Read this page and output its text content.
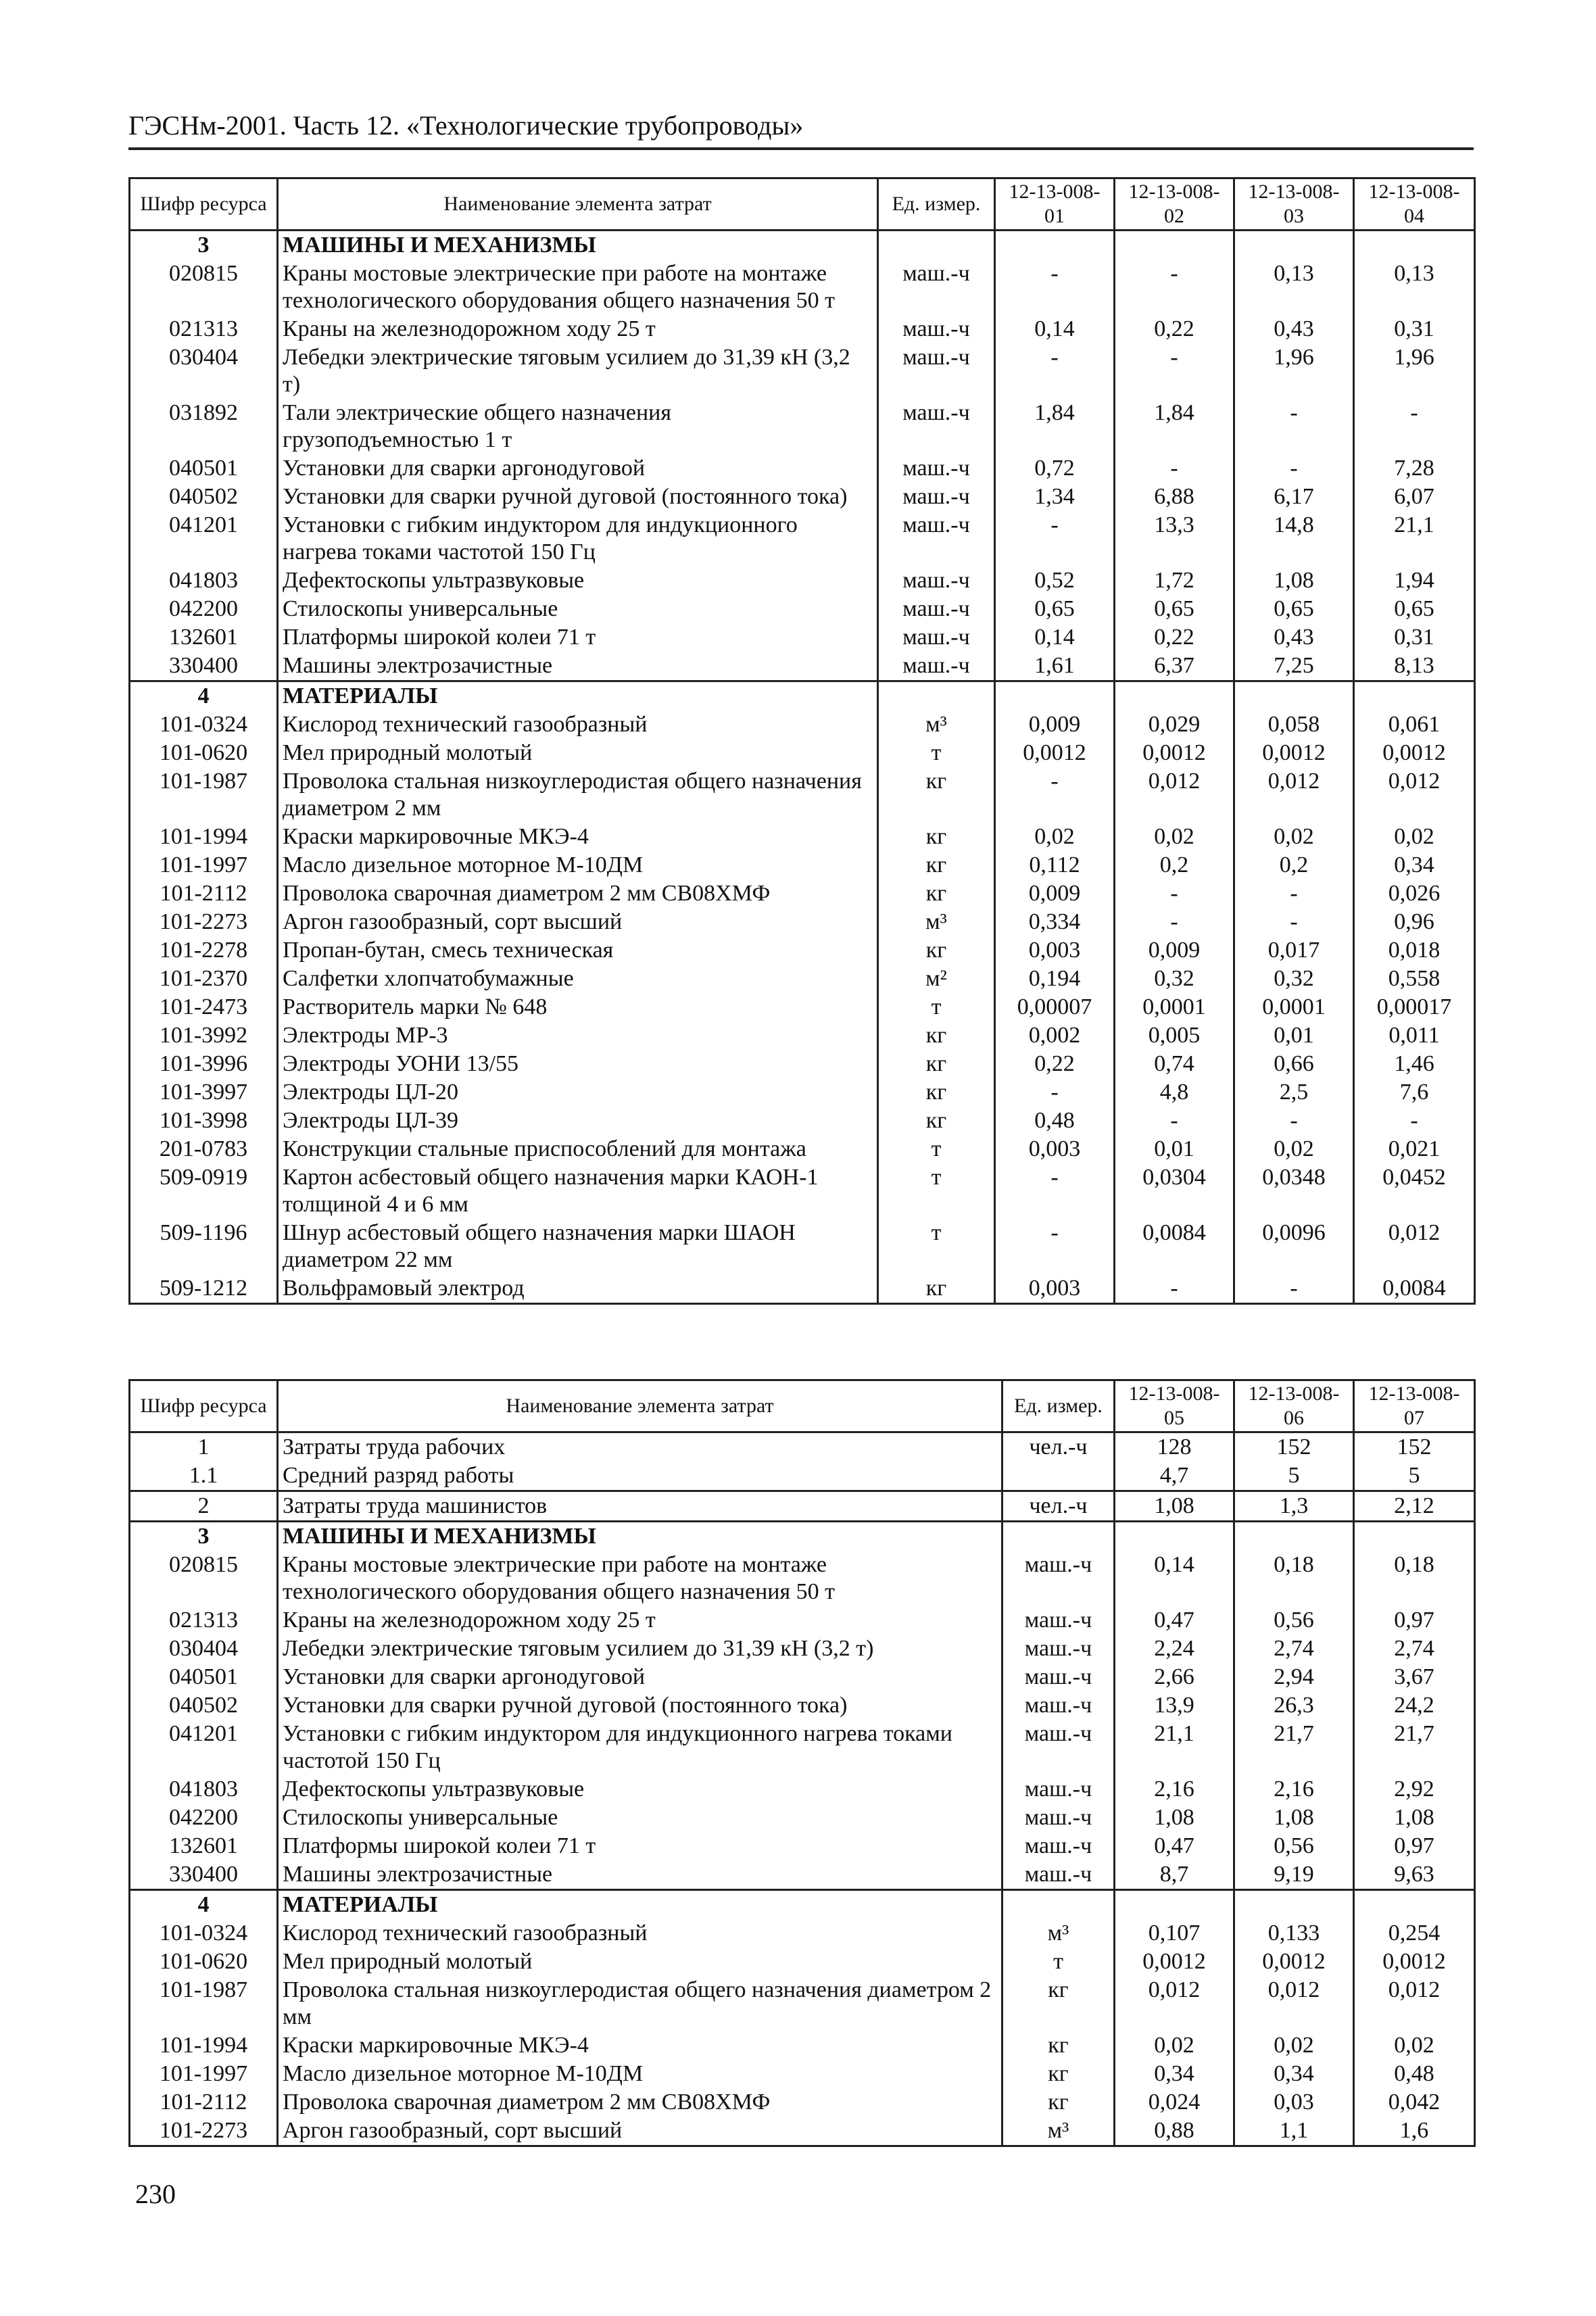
ГЭСНм-2001. Часть 12. «Технологические трубопроводы»
Шифр ресурса	Наименование элемента затрат	Ед. измер.	12-13-008-01	12-13-008-02	12-13-008-03	12-13-008-04
3	МАШИНЫ И МЕХАНИЗМЫ					
020815	Краны мостовые электрические при работе на монтаже технологического оборудования общего назначения 50 т	маш.-ч	-	-	0,13	0,13
021313	Краны на железнодорожном ходу 25 т	маш.-ч	0,14	0,22	0,43	0,31
030404	Лебедки электрические тяговым усилием до 31,39 кН (3,2 т)	маш.-ч	-	-	1,96	1,96
031892	Тали электрические общего назначения грузоподъемностью 1 т	маш.-ч	1,84	1,84	-	-
040501	Установки для сварки аргонодуговой	маш.-ч	0,72	-	-	7,28
040502	Установки для сварки ручной дуговой (постоянного тока)	маш.-ч	1,34	6,88	6,17	6,07
041201	Установки с гибким индуктором для индукционного нагрева токами частотой 150 Гц	маш.-ч	-	13,3	14,8	21,1
041803	Дефектоскопы ультразвуковые	маш.-ч	0,52	1,72	1,08	1,94
042200	Стилоскопы универсальные	маш.-ч	0,65	0,65	0,65	0,65
132601	Платформы широкой колеи 71 т	маш.-ч	0,14	0,22	0,43	0,31
330400	Машины электрозачистные	маш.-ч	1,61	6,37	7,25	8,13
4	МАТЕРИАЛЫ					
101-0324	Кислород технический газообразный	м³	0,009	0,029	0,058	0,061
101-0620	Мел природный молотый	т	0,0012	0,0012	0,0012	0,0012
101-1987	Проволока стальная низкоуглеродистая общего назначения диаметром 2 мм	кг	-	0,012	0,012	0,012
101-1994	Краски маркировочные МКЭ-4	кг	0,02	0,02	0,02	0,02
101-1997	Масло дизельное моторное М-10ДМ	кг	0,112	0,2	0,2	0,34
101-2112	Проволока сварочная диаметром 2 мм СВ08ХМФ	кг	0,009	-	-	0,026
101-2273	Аргон газообразный, сорт высший	м³	0,334	-	-	0,96
101-2278	Пропан-бутан, смесь техническая	кг	0,003	0,009	0,017	0,018
101-2370	Салфетки хлопчатобумажные	м²	0,194	0,32	0,32	0,558
101-2473	Растворитель марки № 648	т	0,00007	0,0001	0,0001	0,00017
101-3992	Электроды МР-3	кг	0,002	0,005	0,01	0,011
101-3996	Электроды УОНИ 13/55	кг	0,22	0,74	0,66	1,46
101-3997	Электроды ЦЛ-20	кг	-	4,8	2,5	7,6
101-3998	Электроды ЦЛ-39	кг	0,48	-	-	-
201-0783	Конструкции стальные приспособлений для монтажа	т	0,003	0,01	0,02	0,021
509-0919	Картон асбестовый общего назначения марки КАОН-1 толщиной 4 и 6 мм	т	-	0,0304	0,0348	0,0452
509-1196	Шнур асбестовый общего назначения марки ШАОН диаметром 22 мм	т	-	0,0084	0,0096	0,012
509-1212	Вольфрамовый электрод	кг	0,003	-	-	0,0084
Шифр ресурса	Наименование элемента затрат	Ед. измер.	12-13-008-05	12-13-008-06	12-13-008-07
1	Затраты труда рабочих	чел.-ч	128	152	152
1.1	Средний разряд работы		4,7	5	5
2	Затраты труда машинистов	чел.-ч	1,08	1,3	2,12
3	МАШИНЫ И МЕХАНИЗМЫ				
020815	Краны мостовые электрические при работе на монтаже технологического оборудования общего назначения 50 т	маш.-ч	0,14	0,18	0,18
021313	Краны на железнодорожном ходу 25 т	маш.-ч	0,47	0,56	0,97
030404	Лебедки электрические тяговым усилием до 31,39 кН (3,2 т)	маш.-ч	2,24	2,74	2,74
040501	Установки для сварки аргонодуговой	маш.-ч	2,66	2,94	3,67
040502	Установки для сварки ручной дуговой (постоянного тока)	маш.-ч	13,9	26,3	24,2
041201	Установки с гибким индуктором для индукционного нагрева токами частотой 150 Гц	маш.-ч	21,1	21,7	21,7
041803	Дефектоскопы ультразвуковые	маш.-ч	2,16	2,16	2,92
042200	Стилоскопы универсальные	маш.-ч	1,08	1,08	1,08
132601	Платформы широкой колеи 71 т	маш.-ч	0,47	0,56	0,97
330400	Машины электрозачистные	маш.-ч	8,7	9,19	9,63
4	МАТЕРИАЛЫ				
101-0324	Кислород технический газообразный	м³	0,107	0,133	0,254
101-0620	Мел природный молотый	т	0,0012	0,0012	0,0012
101-1987	Проволока стальная низкоуглеродистая общего назначения диаметром 2 мм	кг	0,012	0,012	0,012
101-1994	Краски маркировочные МКЭ-4	кг	0,02	0,02	0,02
101-1997	Масло дизельное моторное М-10ДМ	кг	0,34	0,34	0,48
101-2112	Проволока сварочная диаметром 2 мм СВ08ХМФ	кг	0,024	0,03	0,042
101-2273	Аргон газообразный, сорт высший	м³	0,88	1,1	1,6
230
